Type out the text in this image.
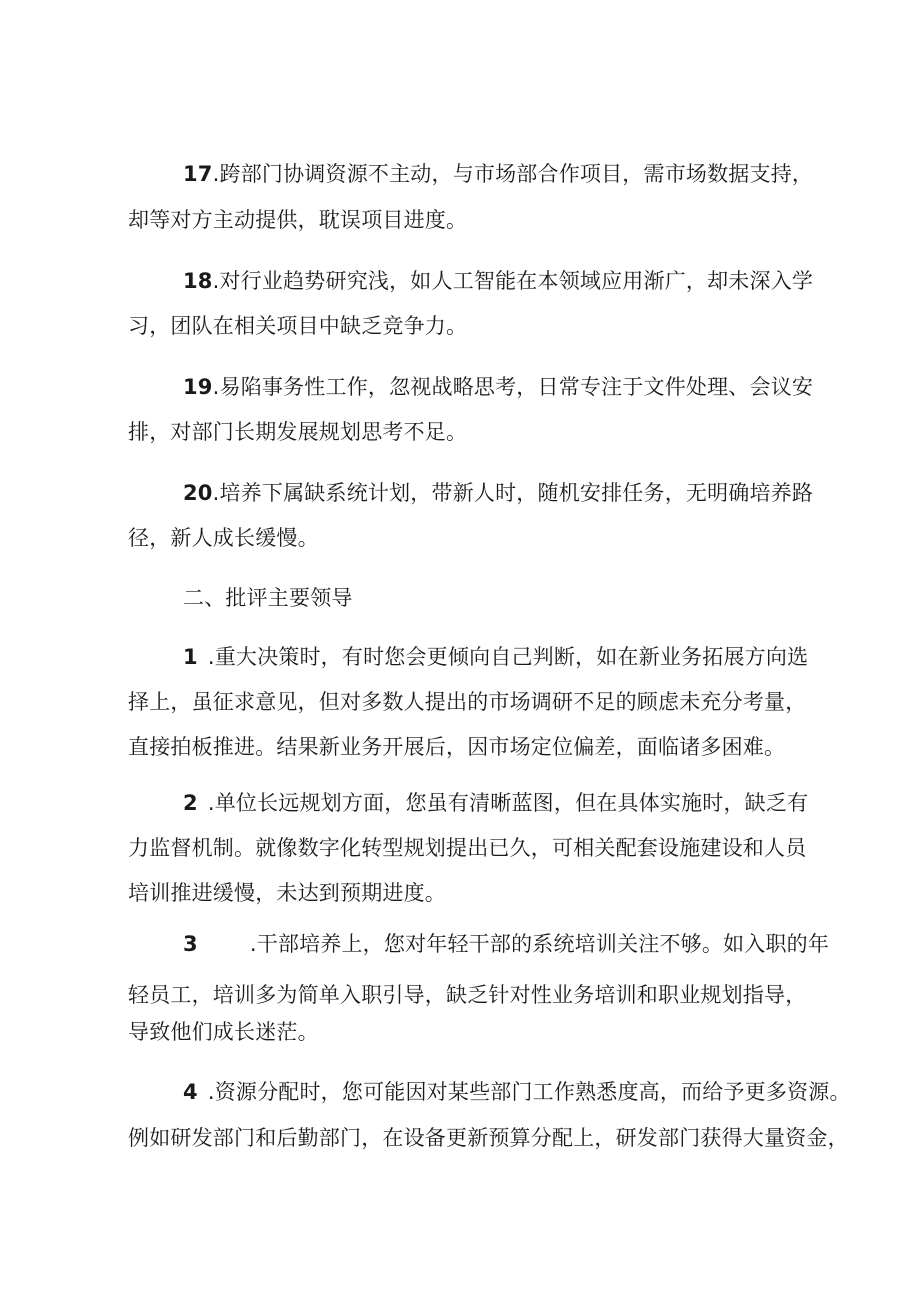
17.跨部门协调资源不主动，与市场部合作项目，需市场数据支持，
却等对方主动提供，耽误项目进度。
18.对行业趋势研究浅，如人工智能在本领域应用渐广，却未深入学
习，团队在相关项目中缺乏竞争力。
19.易陷事务性工作，忽视战略思考，日常专注于文件处理、会议安
排，对部门长期发展规划思考不足。
20.培养下属缺系统计划，带新人时，随机安排任务，无明确培养路
径，新人成长缓慢。
二、批评主要领导
1 .重大决策时，有时您会更倾向自己判断，如在新业务拓展方向选
择上，虽征求意见，但对多数人提出的市场调研不足的顾虑未充分考量，
直接拍板推进。结果新业务开展后，因市场定位偏差，面临诸多困难。
2 .单位长远规划方面，您虽有清晰蓝图，但在具体实施时，缺乏有
力监督机制。就像数字化转型规划提出已久，可相关配套设施建设和人员
培训推进缓慢，未达到预期进度。
3 .干部培养上，您对年轻干部的系统培训关注不够。如入职的年
轻员工，培训多为简单入职引导，缺乏针对性业务培训和职业规划指导，
导致他们成长迷茫。
4 .资源分配时，您可能因对某些部门工作熟悉度高，而给予更多资源。
例如研发部门和后勤部门，在设备更新预算分配上，研发部门获得大量资金，
